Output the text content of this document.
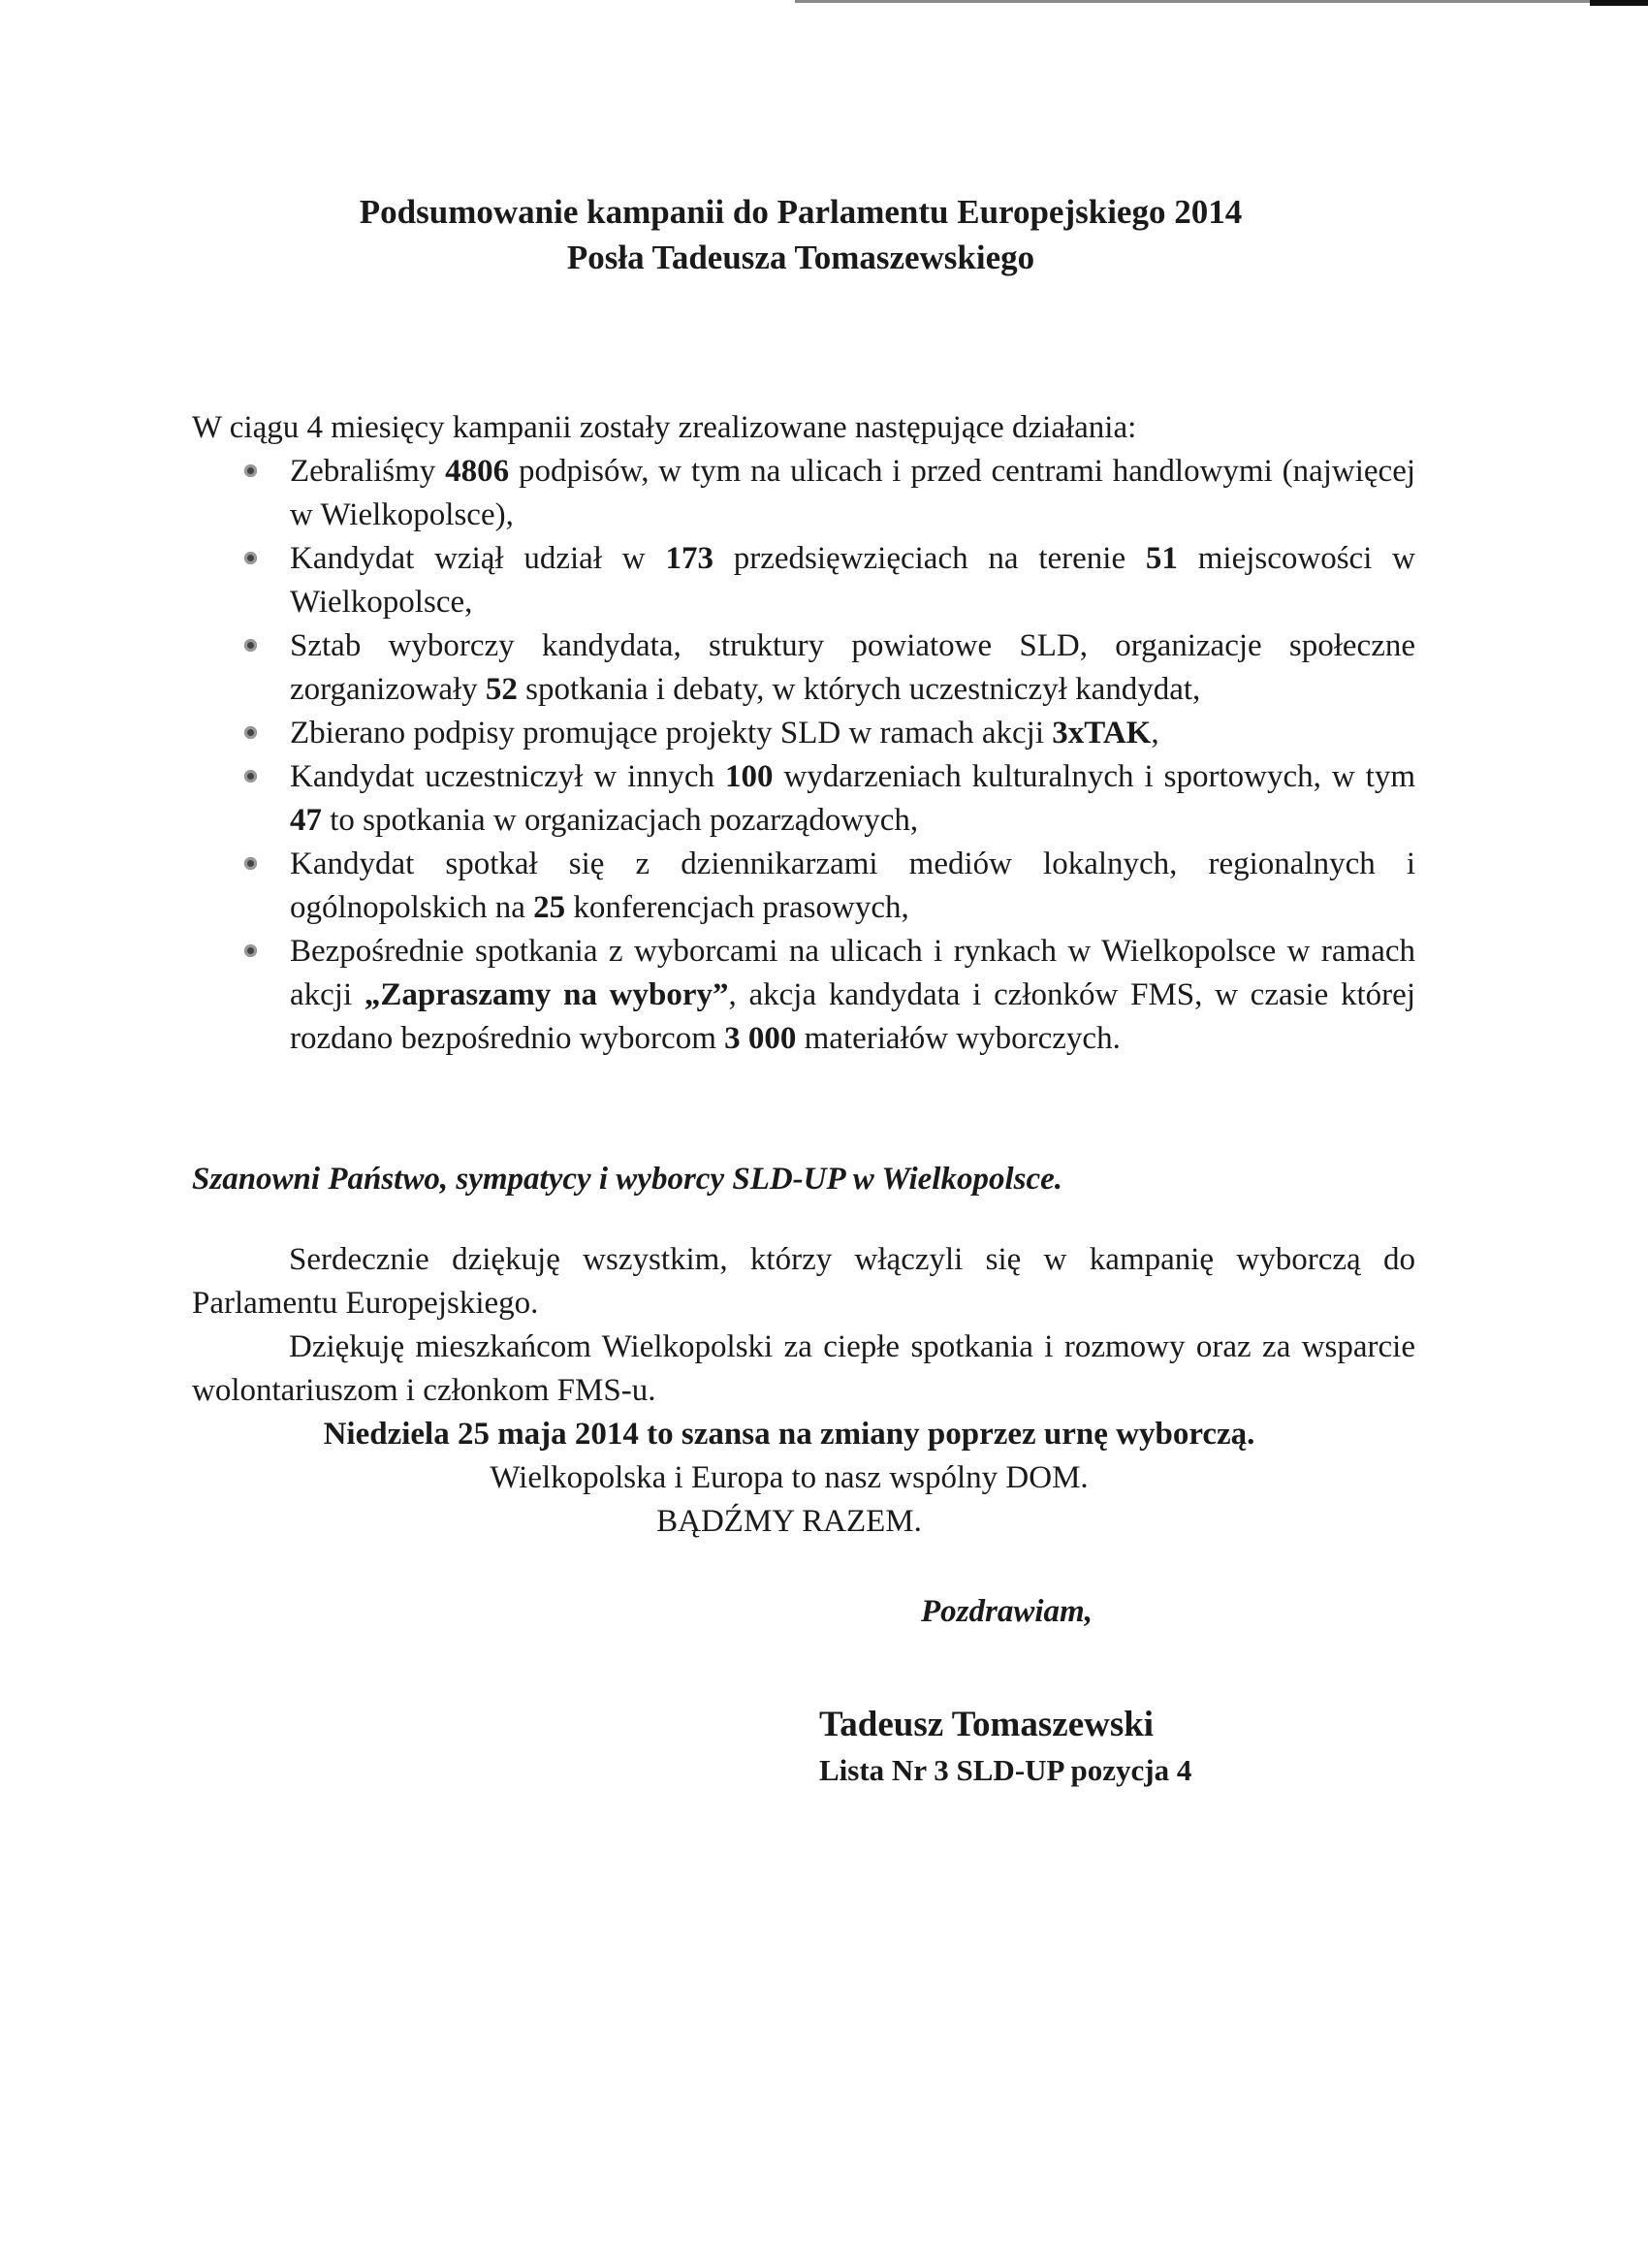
Podsumowanie kampanii do Parlamentu Europejskiego 2014

Posła Tadeusza Tomaszewskiego

W ciągu 4 miesięcy kampanii zostały zrealizowane następujące działania:
Zebraliśmy 4806 podpisów, w tym na ulicach i przed centrami handlowymi (najwięcej w Wielkopolsce),
Kandydat wziął udział w 173 przedsięwzięciach na terenie 51 miejscowości w Wielkopolsce,
Sztab wyborczy kandydata, struktury powiatowe SLD, organizacje społeczne zorganizowały 52 spotkania i debaty, w których uczestniczył kandydat,
Zbierano podpisy promujące projekty SLD w ramach akcji 3xTAK,
Kandydat uczestniczył w innych 100 wydarzeniach kulturalnych i sportowych, w tym 47 to spotkania w organizacjach pozarządowych,
Kandydat spotkał się z dziennikarzami mediów lokalnych, regionalnych i ogólnopolskich na 25 konferencjach prasowych,
Bezpośrednie spotkania z wyborcami na ulicach i rynkach w Wielkopolsce w ramach akcji „Zapraszamy na wybory”, akcja kandydata i członków FMS, w czasie której rozdano bezpośrednio wyborcom 3 000 materiałów wyborczych.
Szanowni Państwo, sympatycy i wyborcy SLD-UP w Wielkopolsce.

Serdecznie dziękuję wszystkim, którzy włączyli się w kampanię wyborczą do Parlamentu Europejskiego.

Dziękuję mieszkańcom Wielkopolski za ciepłe spotkania i rozmowy oraz za wsparcie wolontariuszom i członkom FMS-u.

Niedziela 25 maja 2014 to szansa na zmiany poprzez urnę wyborczą.

Wielkopolska i Europa to nasz wspólny DOM.

BĄDŹMY RAZEM.

Pozdrawiam,
Tadeusz Tomaszewski
Lista Nr 3 SLD-UP pozycja 4
